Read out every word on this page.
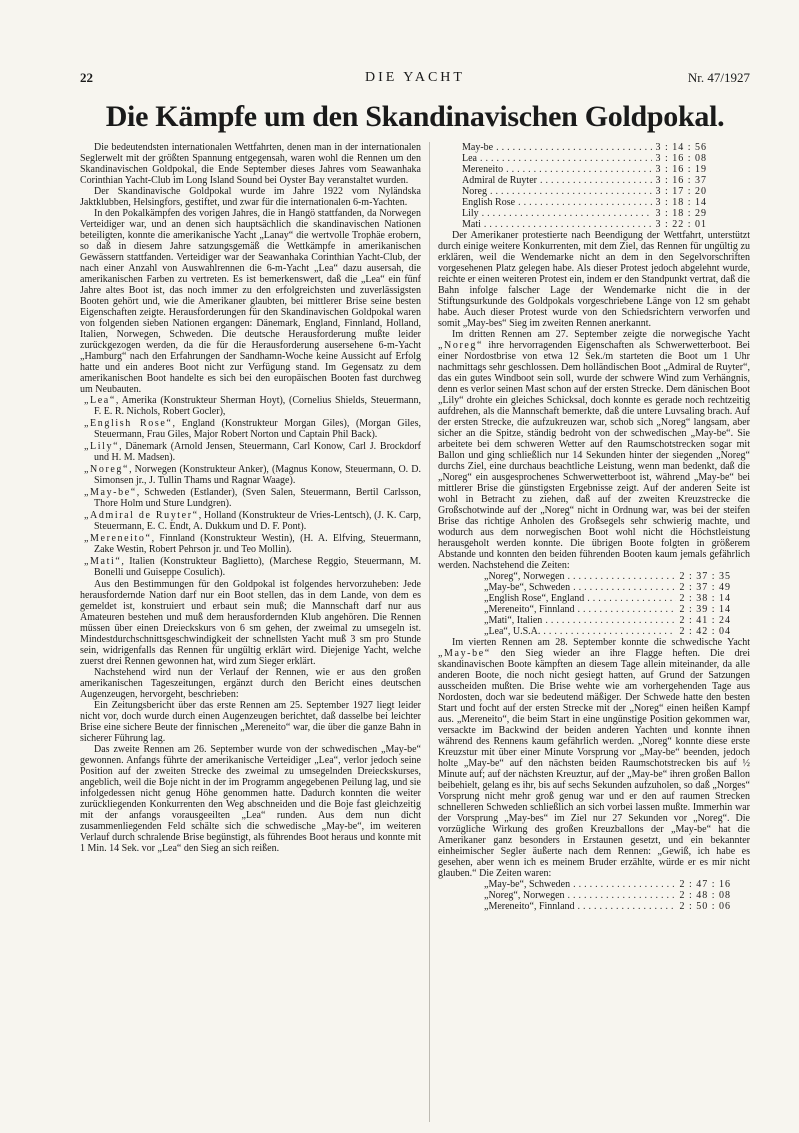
22	DIE YACHT	Nr. 47/1927
Die Kämpfe um den Skandinavischen Goldpokal.

Die bedeutendsten internationalen Wettfahrten, denen man in der internationalen Seglerwelt mit der größten Spannung entgegensah, waren wohl die Rennen um den Skandinavischen Goldpokal, die Ende September dieses Jahres vom Seawanhaka Corinthian Yacht-Club im Long Island Sound bei Oyster Bay veranstaltet wurden.

Der Skandinavische Goldpokal wurde im Jahre 1922 vom Nyländska Jaktklubben, Helsingfors, gestiftet, und zwar für die internationalen 6-m-Yachten.

In den Pokalkämpfen des vorigen Jahres, die in Hangö stattfanden, da Norwegen Verteidiger war, und an denen sich hauptsächlich die skandinavischen Nationen beteiligten, konnte die amerikanische Yacht „Lanay“ die wertvolle Trophäe erobern, so daß in diesem Jahre satzungsgemäß die Wettkämpfe in amerikanischen Gewässern stattfanden. Verteidiger war der Seawanhaka Corinthian Yacht-Club, der nach einer Anzahl von Auswahlrennen die 6-m-Yacht „Lea“ dazu ausersah, die amerikanischen Farben zu vertreten. Es ist bemerkenswert, daß die „Lea“ ein fünf Jahre altes Boot ist, das noch immer zu den erfolgreichsten und zuverlässigsten Booten gehört und, wie die Amerikaner glaubten, bei mittlerer Brise seine besten Eigenschaften zeigte. Herausforderungen für den Skandinavischen Goldpokal waren von folgenden sieben Nationen ergangen: Dänemark, England, Finnland, Holland, Italien, Norwegen, Schweden. Die deutsche Herausforderung mußte leider zurückgezogen werden, da die für die Herausforderung ausersehene 6-m-Yacht „Hamburg“ nach den Erfahrungen der Sandhamn-Woche keine Aussicht auf Erfolg hatte und ein anderes Boot nicht zur Verfügung stand. Im Gegensatz zu dem amerikanischen Boot handelte es sich bei den europäischen Booten fast durchweg um Neubauten.

„Lea“, Amerika (Konstrukteur Sherman Hoyt), (Cornelius Shields, Steuermann, F. E. R. Nichols, Robert Gocler),

„English Rose“, England (Konstrukteur Morgan Giles), (Morgan Giles, Steuermann, Frau Giles, Major Robert Norton und Captain Phil Back).

„Lily“, Dänemark (Arnold Jensen, Steuermann, Carl Konow, Carl J. Brockdorf und H. M. Madsen).

„Noreg“, Norwegen (Konstrukteur Anker), (Magnus Konow, Steuermann, O. D. Simonsen jr., J. Tullin Thams und Ragnar Waage).

„May-be“, Schweden (Estlander), (Sven Salen, Steuermann, Bertil Carlsson, Thore Holm und Sture Lundgren).

„Admiral de Ruyter“, Holland (Konstrukteur de Vries-Lentsch), (J. K. Carp, Steuermann, E. C. Endt, A. Dukkum und D. F. Pont).

„Mereneito“, Finnland (Konstrukteur Westin), (H. A. Elfving, Steuermann, Zake Westin, Robert Pehrson jr. und Teo Mollin).

„Mati“, Italien (Konstrukteur Baglietto), (Marchese Reggio, Steuermann, M. Bonelli und Guiseppe Cosulich).

Aus den Bestimmungen für den Goldpokal ist folgendes hervorzuheben: Jede herausfordernde Nation darf nur ein Boot stellen, das in dem Lande, von dem es gemeldet ist, konstruiert und erbaut sein muß; die Mannschaft darf nur aus Amateuren bestehen und muß dem herausfordernden Klub angehören. Die Rennen müssen über einen Dreieckskurs von 6 sm gehen, der zweimal zu umsegeln ist. Mindestdurchschnittsgeschwindigkeit der schnellsten Yacht muß 3 sm pro Stunde sein, widrigenfalls das Rennen für ungültig erklärt wird. Diejenige Yacht, welche zuerst drei Rennen gewonnen hat, wird zum Sieger erklärt.

Nachstehend wird nun der Verlauf der Rennen, wie er aus den großen amerikanischen Tageszeitungen, ergänzt durch den Bericht eines deutschen Augenzeugen, hervorgeht, beschrieben:

Ein Zeitungsbericht über das erste Rennen am 25. September 1927 liegt leider nicht vor, doch wurde durch einen Augenzeugen berichtet, daß dasselbe bei leichter Brise eine sichere Beute der finnischen „Mereneito“ war, die über die ganze Bahn in sicherer Führung lag.

Das zweite Rennen am 26. September wurde von der schwedischen „May-be“ gewonnen. Anfangs führte der amerikanische Verteidiger „Lea“, verlor jedoch seine Position auf der zweiten Strecke des zweimal zu umsegelnden Dreieckskurses, angeblich, weil die Boje nicht in der im Programm angegebenen Peilung lag, und sie infolgedessen nicht genug Höhe genommen hatte. Dadurch konnten die weiter zurückliegenden Konkurrenten den Weg abschneiden und die Boje fast gleichzeitig mit der anfangs vorausgeeilten „Lea“ runden. Aus dem nun dicht zusammenliegenden Feld schälte sich die schwedische „May-be“, im weiteren Verlauf durch schralende Brise begünstigt, als führendes Boot heraus und konnte mit 1 Min. 14 Sek. vor „Lea“ den Sieg an sich reißen.

May-be .....	3 : 14 : 56
Lea .....	3 : 16 : 08
Mereneito .....	3 : 16 : 19
Admiral de Ruyter .....	3 : 16 : 37
Noreg .....	3 : 17 : 20
English Rose .....	3 : 18 : 14
Lily .....	3 : 18 : 29
Mati .....	3 : 22 : 01

Der Amerikaner protestierte nach Beendigung der Wettfahrt, unterstützt durch einige weitere Konkurrenten, mit dem Ziel, das Rennen für ungültig zu erklären, weil die Wendemarke nicht an dem in den Segelvorschriften vorgesehenen Platz gelegen habe. Als dieser Protest jedoch abgelehnt wurde, reichte er einen weiteren Protest ein, indem er den Standpunkt vertrat, daß die Bahn infolge falscher Lage der Wendemarke nicht die in der Stiftungsurkunde des Goldpokals vorgeschriebene Länge von 12 sm gehabt habe. Auch dieser Protest wurde von den Schiedsrichtern verworfen und somit „May-bes“ Sieg im zweiten Rennen anerkannt.

Im dritten Rennen am 27. September zeigte die norwegische Yacht „Noreg“ ihre hervorragenden Eigenschaften als Schwerwetterboot. Bei einer Nordostbrise von etwa 12 Sek./m starteten die Boot um 1 Uhr nachmittags sehr geschlossen. Dem holländischen Boot „Admiral de Ruyter“, das ein gutes Windboot sein soll, wurde der schwere Wind zum Verhängnis, denn es verlor seinen Mast schon auf der ersten Strecke. Dem dänischen Boot „Lily“ drohte ein gleiches Schicksal, doch konnte es gerade noch rechtzeitig aufdrehen, als die Mannschaft bemerkte, daß die untere Luvsaling brach. Auf der ersten Strecke, die aufzukreuzen war, schob sich „Noreg“ langsam, aber sicher an die Spitze, ständig bedroht von der schwedischen „May-be“. Sie arbeitete bei dem schweren Wetter auf den Raumschotstrecken sogar mit Ballon und ging schließlich nur 14 Sekunden hinter der siegenden „Noreg“ durchs Ziel, eine durchaus beachtliche Leistung, wenn man bedenkt, daß die „Noreg“ ein ausgesprochenes Schwerwetterboot ist, während „May-be“ bei mittlerer Brise die günstigsten Ergebnisse zeigt. Auf der anderen Seite ist wohl in Betracht zu ziehen, daß auf der zweiten Kreuzstrecke die Großschotwinde auf der „Noreg“ nicht in Ordnung war, was bei der steifen Brise das richtige Anholen des Großsegels sehr schwierig machte, und wodurch aus dem norwegischen Boot wohl nicht die Höchstleistung herausgeholt werden konnte. Die übrigen Boote folgten in größerem Abstande und konnten den beiden führenden Booten kaum jemals gefährlich werden. Nachstehend die Zeiten:

„Noreg“, Norwegen .....	2 : 37 : 35
„May-be“, Schweden .....	2 : 37 : 49
„English Rose“, England .....	2 : 38 : 14
„Mereneito“, Finnland .....	2 : 39 : 14
„Mati“, Italien .....	2 : 41 : 24
„Lea“, U.S.A. .....	2 : 42 : 04

Im vierten Rennen am 28. September konnte die schwedische Yacht „May-be“ den Sieg wieder an ihre Flagge heften. Die drei skandinavischen Boote kämpften an diesem Tage allein miteinander, da alle anderen Boote, die noch nicht gesiegt hatten, auf Grund der Satzungen ausscheiden mußten. Die Brise wehte wie am vorhergehenden Tage aus Nordosten, doch war sie bedeutend mäßiger. Der Schwede hatte den besten Start und focht auf der ersten Strecke mit der „Noreg“ einen heißen Kampf aus. „Mereneito“, die beim Start in eine ungünstige Position gekommen war, versackte im Backwind der beiden anderen Yachten und konnte ihnen während des Rennens kaum gefährlich werden. „Noreg“ konnte diese erste Kreuzstur mit über einer Minute Vorsprung vor „May-be“ beenden, jedoch holte „May-be“ auf den nächsten beiden Raumschotstrecken bis auf ½ Minute auf; auf der nächsten Kreuztur, auf der „May-be“ ihren großen Ballon beibehielt, gelang es ihr, bis auf sechs Sekunden aufzuholen, so daß „Norges“ Vorsprung nicht mehr groß genug war und er den auf raumen Strecken schnelleren Schweden schließlich an sich vorbei lassen mußte. Immerhin war der Vorsprung „May-bes“ im Ziel nur 27 Sekunden vor „Noreg“. Die vorzügliche Wirkung des großen Kreuzballons der „May-be“ hat die Amerikaner ganz besonders in Erstaunen gesetzt, und ein bekannter einheimischer Segler äußerte nach dem Rennen: „Gewiß, ich habe es gesehen, aber wenn ich es meinem Bruder erzählte, würde er es mir nicht glauben.“ Die Zeiten waren:

„May-be“, Schweden .....	2 : 47 : 16
„Noreg“, Norwegen .....	2 : 48 : 08
„Mereneito“, Finnland .....	2 : 50 : 06
